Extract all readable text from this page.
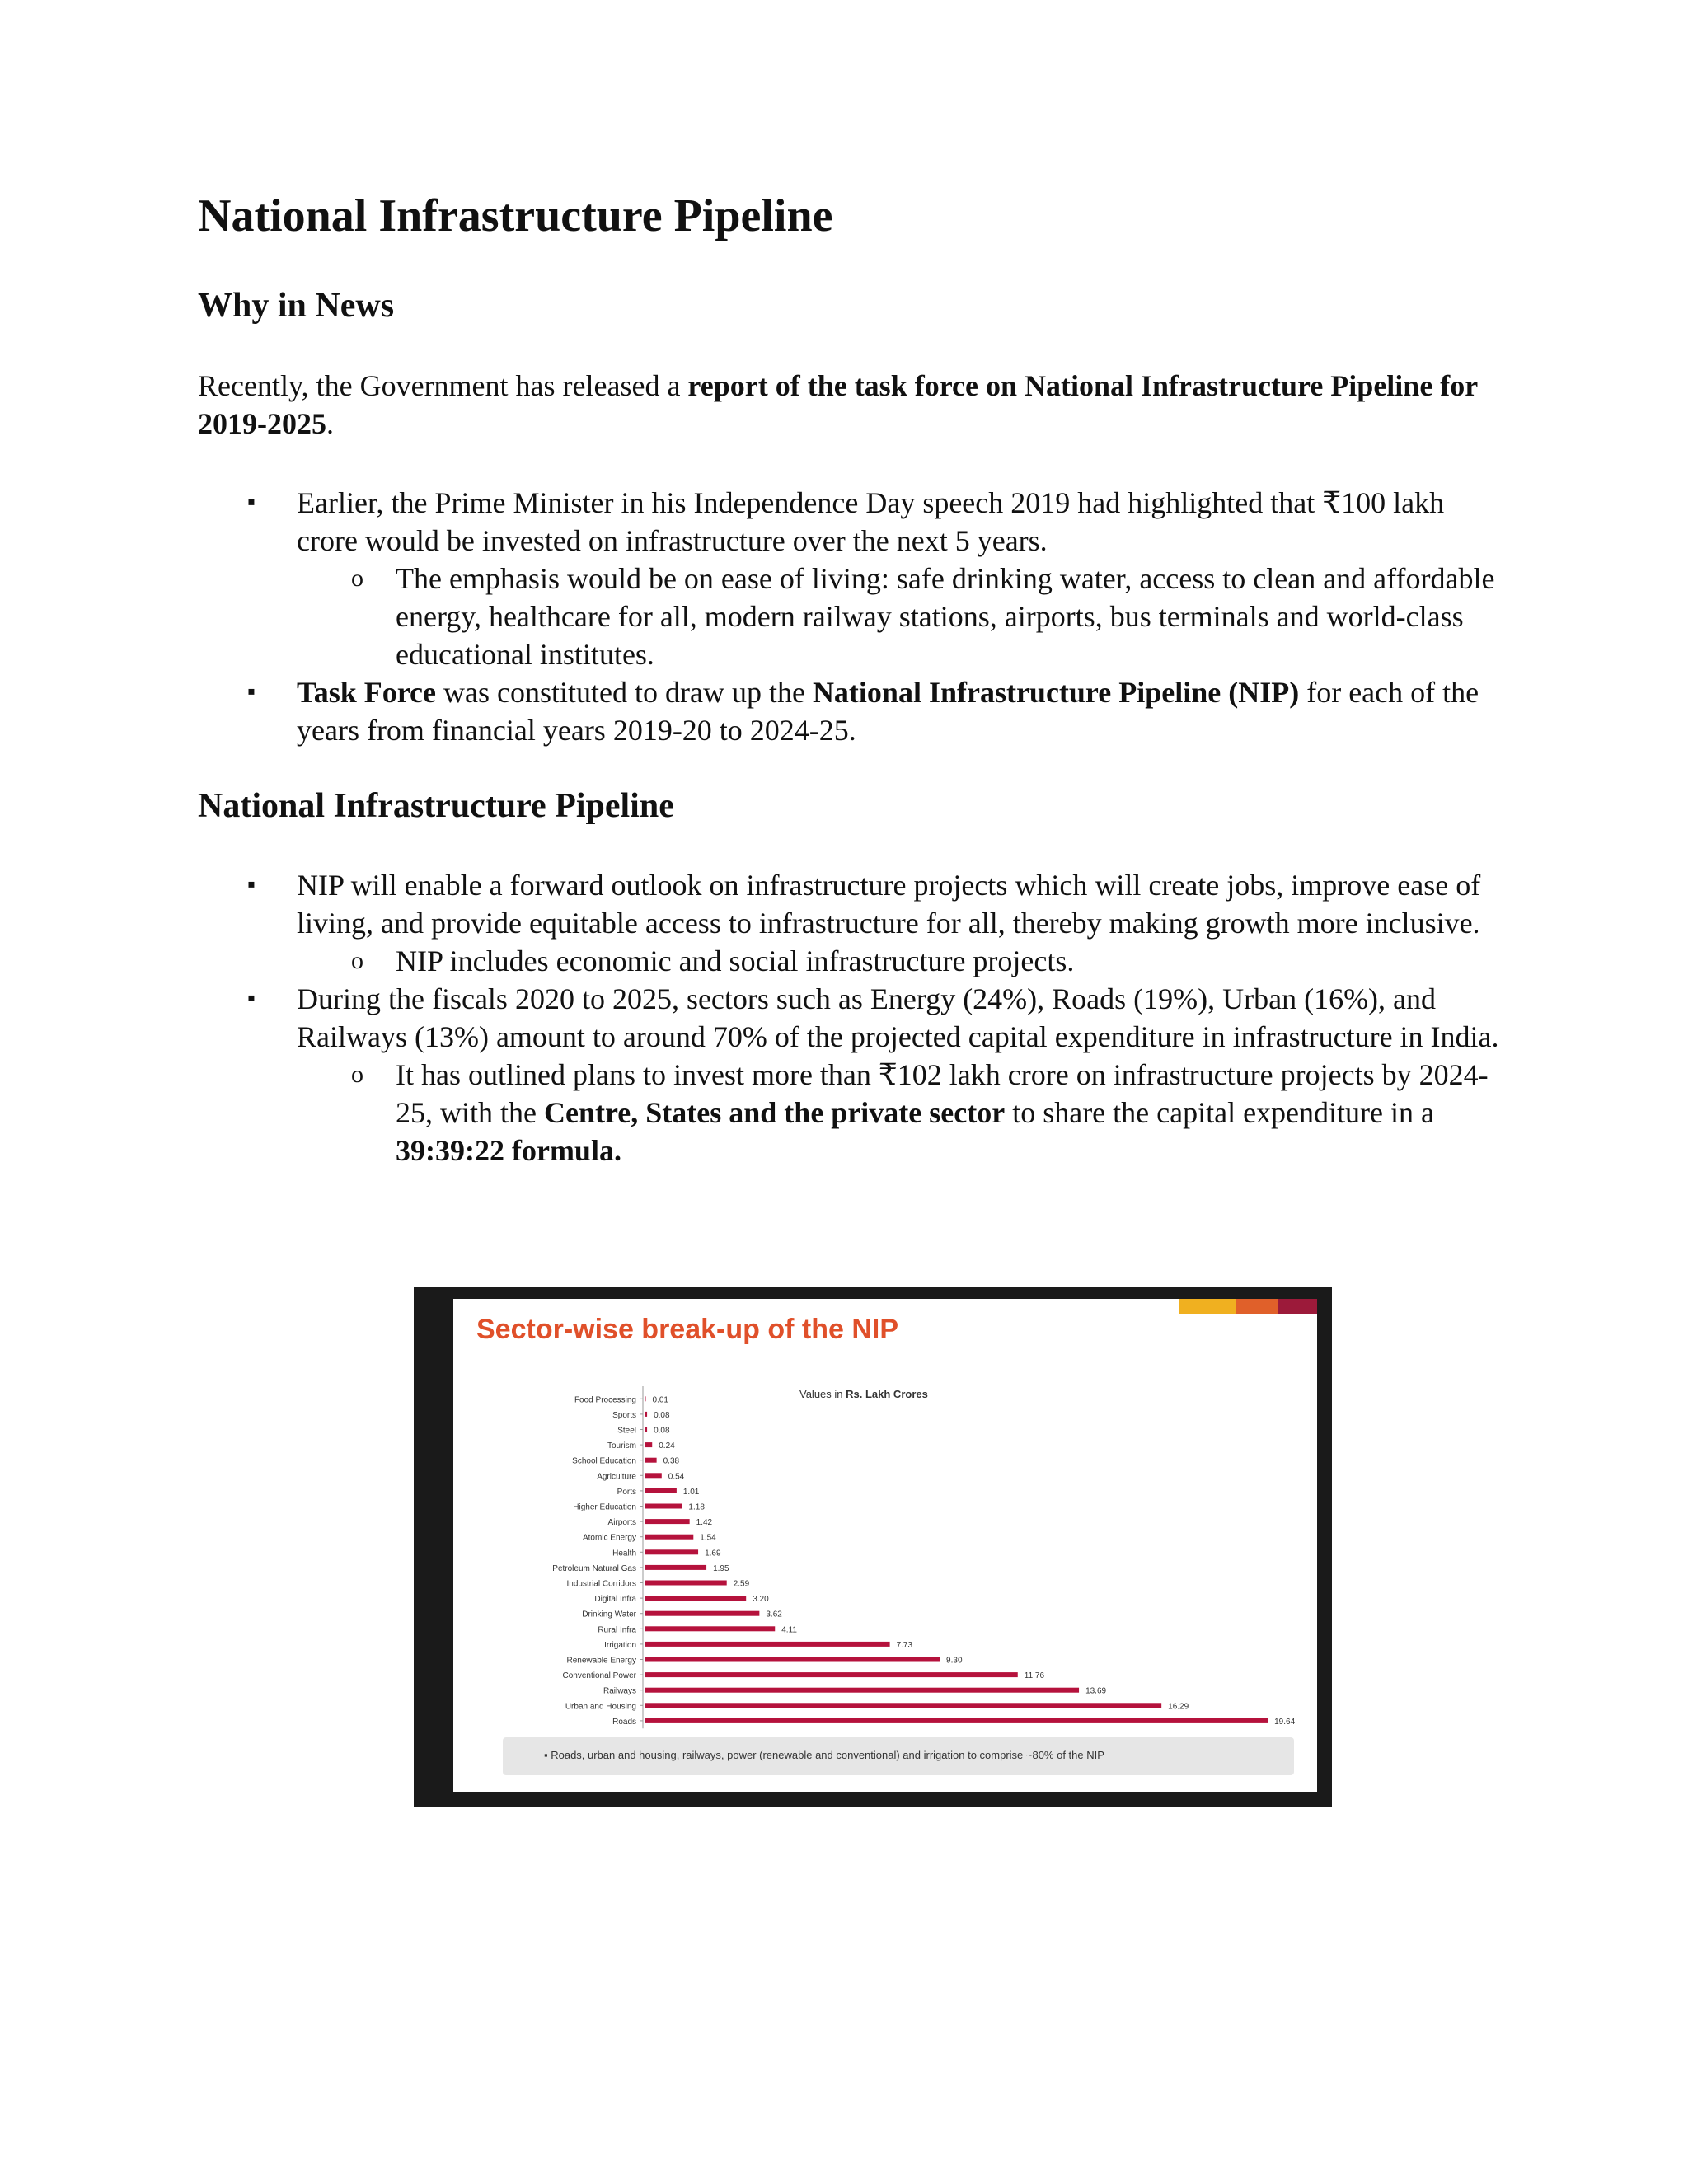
National Infrastructure Pipeline
Why in News

Recently, the Government has released a report of the task force on National Infrastructure Pipeline for 2019-2025.

▪ Earlier, the Prime Minister in his Independence Day speech 2019 had highlighted that ₹100 lakh crore would be invested on infrastructure over the next 5 years.
o The emphasis would be on ease of living: safe drinking water, access to clean and affordable energy, healthcare for all, modern railway stations, airports, bus terminals and world-class educational institutes.
▪ Task Force was constituted to draw up the National Infrastructure Pipeline (NIP) for each of the years from financial years 2019-20 to 2024-25.
National Infrastructure Pipeline
▪ NIP will enable a forward outlook on infrastructure projects which will create jobs, improve ease of living, and provide equitable access to infrastructure for all, thereby making growth more inclusive.
o NIP includes economic and social infrastructure projects.
▪ During the fiscals 2020 to 2025, sectors such as Energy (24%), Roads (19%), Urban (16%), and Railways (13%) amount to around 70% of the projected capital expenditure in infrastructure in India.
o It has outlined plans to invest more than ₹102 lakh crore on infrastructure projects by 2024-25, with the Centre, States and the private sector to share the capital expenditure in a 39:39:22 formula.
Sector-wise break-up of the NIP
Values in Rs. Lakh Crores
Food Processing 0.01
Sports 0.08
Steel 0.08
Tourism	0.24
School Education	0.38
Agriculture	0.54
Ports	1.01
Higher Education	1.18
Airports	1.42
Atomic Energy	1.54
Health	1.69
Petroleum Natural Gas	1.95
Industrial Corridors	2.59
Digital Infra	3.20
Drinking Water	3.62
Rural Infra	4.11
Irrigation	7.73
Renewable Energy	9.30
Conventional Power	11.76
Railways	13.69
Urban and Housing	16.29
Roads	19.64
▪ Roads, urban and housing, railways, power (renewable and conventional) and irrigation to comprise ~80% of the NIP
